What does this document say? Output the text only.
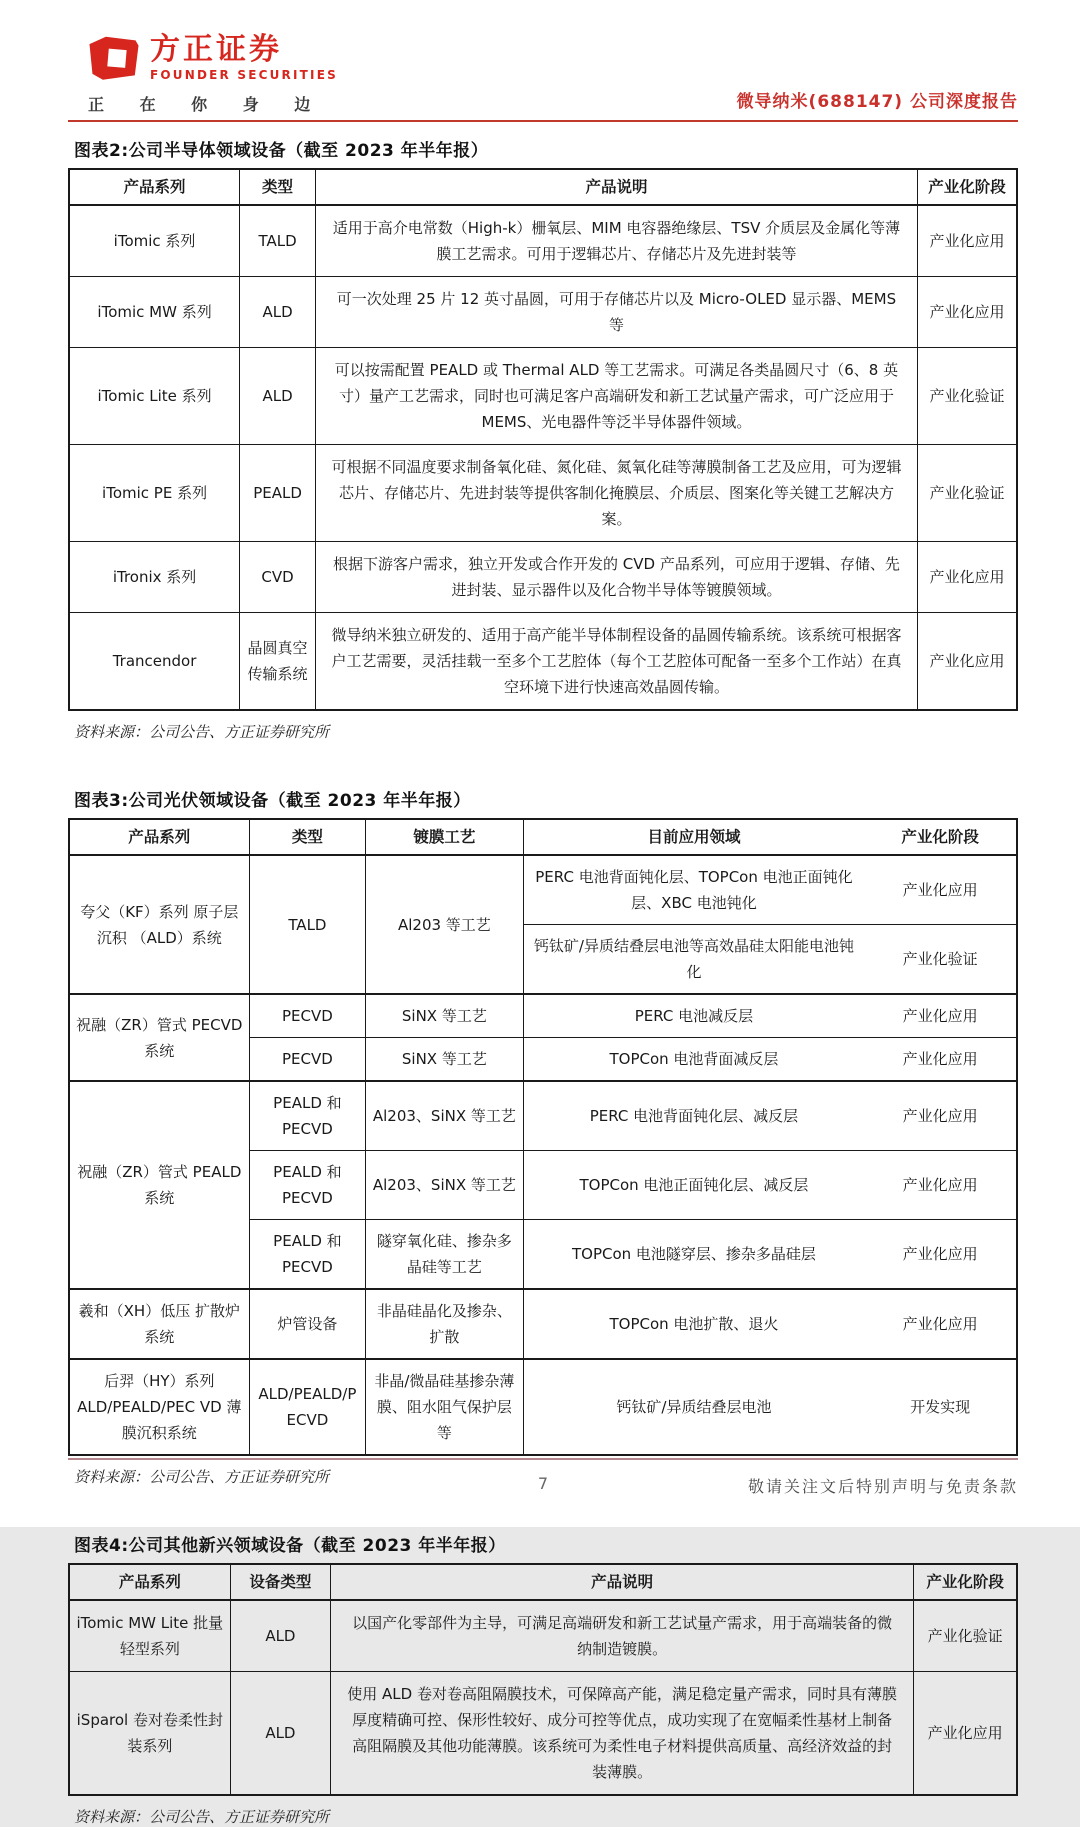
方正证券
FOUNDER SECURITIES
正 在 你 身 边	微导纳米(688147) 公司深度报告
图表2:公司半导体领域设备（截至 2023 年半年报）
产品系列	类型	产品说明	产业化阶段
iTomic 系列	TALD	适用于高介电常数（High-k）栅氧层、MIM 电容器绝缘层、TSV 介质层及金属化等薄膜工艺需求。可用于逻辑芯片、存储芯片及先进封装等	产业化应用
iTomic MW 系列	ALD	可一次处理 25 片 12 英寸晶圆，可用于存储芯片以及 Micro-OLED 显示器、MEMS 等	产业化应用
iTomic Lite 系列	ALD	可以按需配置 PEALD 或 Thermal ALD 等工艺需求。可满足各类晶圆尺寸（6、8 英寸）量产工艺需求，同时也可满足客户高端研发和新工艺试量产需求，可广泛应用于 MEMS、光电器件等泛半导体器件领域。	产业化验证
iTomic PE 系列	PEALD	可根据不同温度要求制备氧化硅、氮化硅、氮氧化硅等薄膜制备工艺及应用，可为逻辑芯片、存储芯片、先进封装等提供客制化掩膜层、介质层、图案化等关键工艺解决方案。	产业化验证
iTronix 系列	CVD	根据下游客户需求，独立开发或合作开发的 CVD 产品系列，可应用于逻辑、存储、先进封装、显示器件以及化合物半导体等镀膜领域。	产业化应用
Trancendor	晶圆真空传输系统	微导纳米独立研发的、适用于高产能半导体制程设备的晶圆传输系统。该系统可根据客户工艺需要，灵活挂载一至多个工艺腔体（每个工艺腔体可配备一至多个工作站）在真空环境下进行快速高效晶圆传输。	产业化应用
资料来源：公司公告、方正证券研究所
图表3:公司光伏领域设备（截至 2023 年半年报）
产品系列	类型	镀膜工艺	目前应用领域	产业化阶段
夸父（KF）系列 原子层沉积 （ALD）系统	TALD	Al203 等工艺	PERC 电池背面钝化层、TOPCon 电池正面钝化层、XBC 电池钝化	产业化应用
			钙钛矿/异质结叠层电池等高效晶硅太阳能电池钝化	产业化验证
祝融（ZR）管式 PECVD 系统	PECVD	SiNX 等工艺	PERC 电池减反层	产业化应用
	PECVD	SiNX 等工艺	TOPCon 电池背面减反层	产业化应用
祝融（ZR）管式 PEALD 系统	PEALD 和 PECVD	Al203、SiNX 等工艺	PERC 电池背面钝化层、减反层	产业化应用
	PEALD 和 PECVD	Al203、SiNX 等工艺	TOPCon 电池正面钝化层、减反层	产业化应用
	PEALD 和 PECVD	隧穿氧化硅、掺杂多晶硅等工艺	TOPCon 电池隧穿层、掺杂多晶硅层	产业化应用
羲和（XH）低压 扩散炉系统	炉管设备	非晶硅晶化及掺杂、扩散	TOPCon 电池扩散、退火	产业化应用
后羿（HY）系列 ALD/PEALD/PEC VD 薄膜沉积系统	ALD/PEALD/PECVD	非晶/微晶硅基掺杂薄膜、阻水阻气保护层等	钙钛矿/异质结叠层电池	开发实现
资料来源：公司公告、方正证券研究所
图表4:公司其他新兴领域设备（截至 2023 年半年报）
产品系列	设备类型	产品说明	产业化阶段
iTomic MW Lite 批量轻型系列	ALD	以国产化零部件为主导，可满足高端研发和新工艺试量产需求，用于高端装备的微纳制造镀膜。	产业化验证
iSparol 卷对卷柔性封装系列	ALD	使用 ALD 卷对卷高阻隔膜技术，可保障高产能，满足稳定量产需求，同时具有薄膜厚度精确可控、保形性较好、成分可控等优点，成功实现了在宽幅柔性基材上制备高阻隔膜及其他功能薄膜。该系统可为柔性电子材料提供高质量、高经济效益的封装薄膜。	产业化应用
资料来源：公司公告、方正证券研究所
7	敬请关注文后特别声明与免责条款
